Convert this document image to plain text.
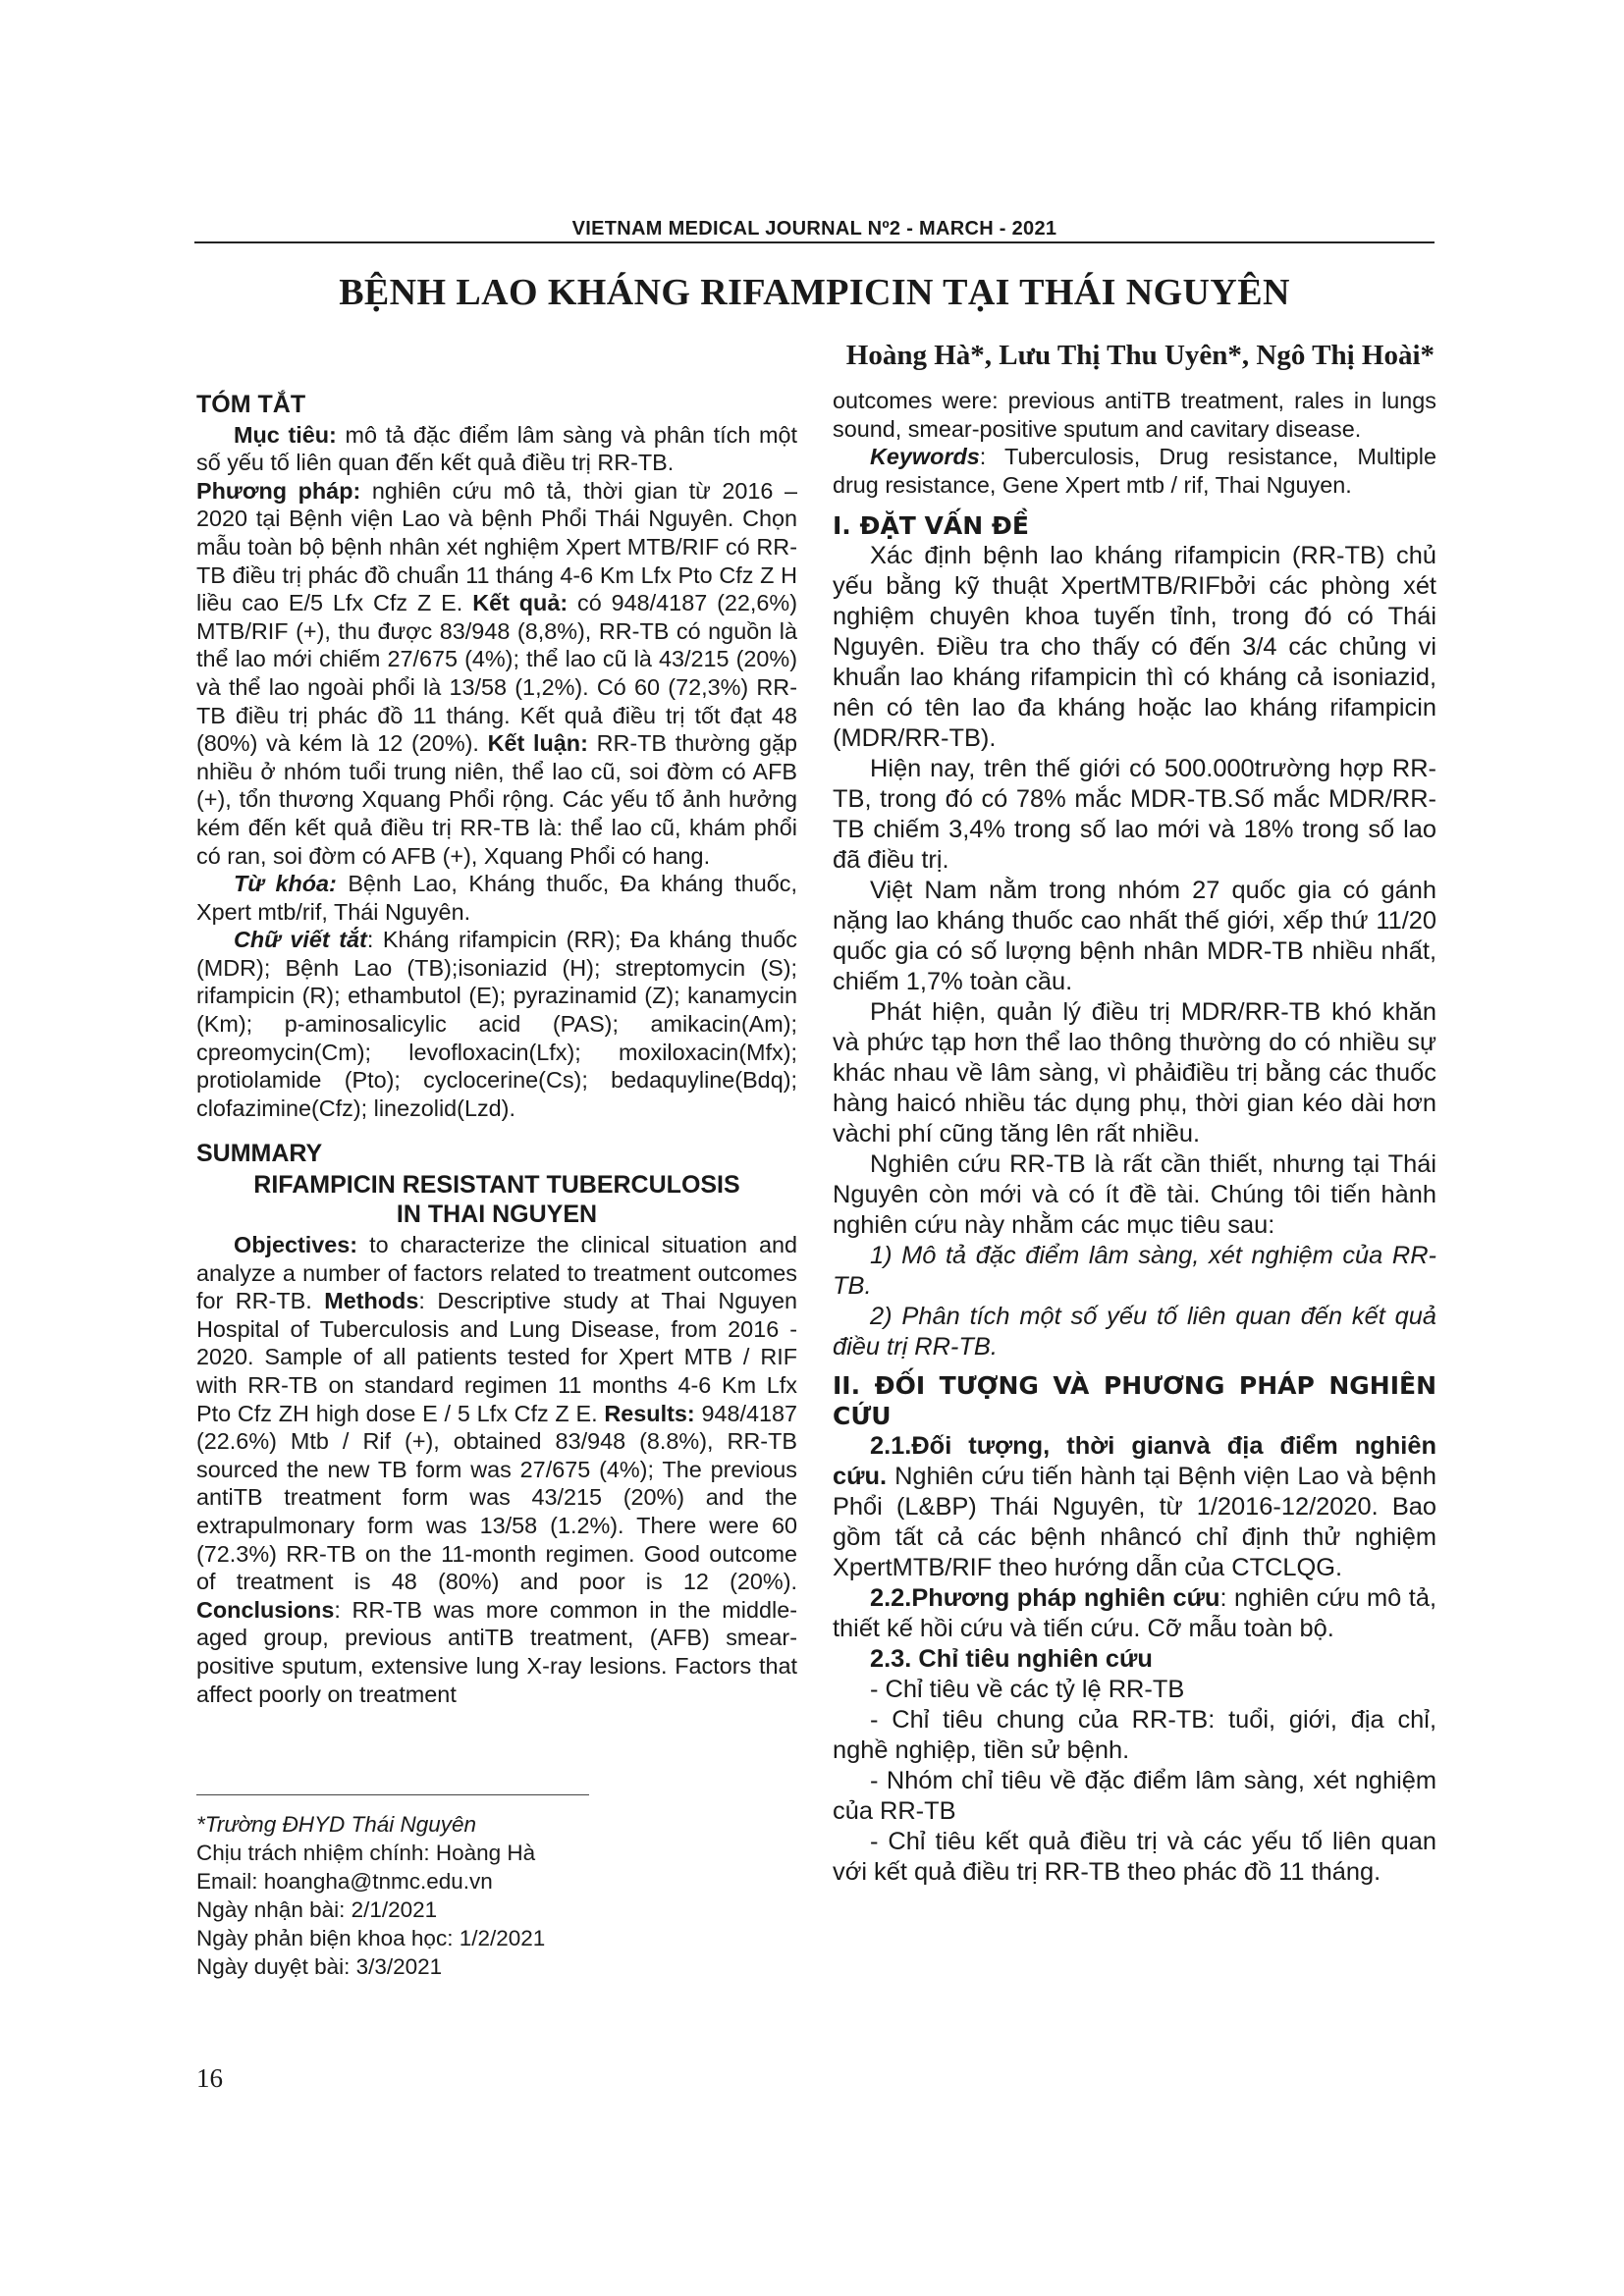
VIETNAM MEDICAL JOURNAL Nº2 - MARCH - 2021
BỆNH LAO KHÁNG RIFAMPICIN TẠI THÁI NGUYÊN
Hoàng Hà*, Lưu Thị Thu Uyên*, Ngô Thị Hoài*
TÓM TẮT

Mục tiêu: mô tả đặc điểm lâm sàng và phân tích một số yếu tố liên quan đến kết quả điều trị RR-TB.

Phương pháp: nghiên cứu mô tả, thời gian từ 2016 – 2020 tại Bệnh viện Lao và bệnh Phổi Thái Nguyên. Chọn mẫu toàn bộ bệnh nhân xét nghiệm Xpert MTB/RIF có RR-TB điều trị phác đồ chuẩn 11 tháng 4-6 Km Lfx Pto Cfz Z H liều cao E/5 Lfx Cfz Z E. Kết quả: có 948/4187 (22,6%) MTB/RIF (+), thu được 83/948 (8,8%), RR-TB có nguồn là thể lao mới chiếm 27/675 (4%); thể lao cũ là 43/215 (20%) và thể lao ngoài phổi là 13/58 (1,2%). Có 60 (72,3%) RR-TB điều trị phác đồ 11 tháng. Kết quả điều trị tốt đạt 48 (80%) và kém là 12 (20%). Kết luận: RR-TB thường gặp nhiều ở nhóm tuổi trung niên, thể lao cũ, soi đờm có AFB (+), tổn thương Xquang Phổi rộng. Các yếu tố ảnh hưởng kém đến kết quả điều trị RR-TB là: thể lao cũ, khám phổi có ran, soi đờm có AFB (+), Xquang Phổi có hang.

Từ khóa: Bệnh Lao, Kháng thuốc, Đa kháng thuốc, Xpert mtb/rif, Thái Nguyên.

Chữ viết tắt: Kháng rifampicin (RR); Đa kháng thuốc (MDR); Bệnh Lao (TB);isoniazid (H); streptomycin (S); rifampicin (R); ethambutol (E); pyrazinamid (Z); kanamycin (Km); p-aminosalicylic acid (PAS); amikacin(Am); cpreomycin(Cm); levofloxacin(Lfx); moxiloxacin(Mfx); protiolamide (Pto); cyclocerine(Cs); bedaquyline(Bdq); clofazimine(Cfz); linezolid(Lzd).

SUMMARY
RIFAMPICIN RESISTANT TUBERCULOSIS
IN THAI NGUYEN

Objectives: to characterize the clinical situation and analyze a number of factors related to treatment outcomes for RR-TB. Methods: Descriptive study at Thai Nguyen Hospital of Tuberculosis and Lung Disease, from 2016 - 2020. Sample of all patients tested for Xpert MTB / RIF with RR-TB on standard regimen 11 months 4-6 Km Lfx Pto Cfz ZH high dose E / 5 Lfx Cfz Z E. Results: 948/4187 (22.6%) Mtb / Rif (+), obtained 83/948 (8.8%), RR-TB sourced the new TB form was 27/675 (4%); The previous antiTB treatment form was 43/215 (20%) and the extrapulmonary form was 13/58 (1.2%). There were 60 (72.3%) RR-TB on the 11-month regimen. Good outcome of treatment is 48 (80%) and poor is 12 (20%). Conclusions: RR-TB was more common in the middle-aged group, previous antiTB treatment, (AFB) smear-positive sputum, extensive lung X-ray lesions. Factors that affect poorly on treatment

outcomes were: previous antiTB treatment, rales in lungs sound, smear-positive sputum and cavitary disease.

Keywords: Tuberculosis, Drug resistance, Multiple drug resistance, Gene Xpert mtb / rif, Thai Nguyen.

I. ĐẶT VẤN ĐỀ

Xác định bệnh lao kháng rifampicin (RR-TB) chủ yếu bằng kỹ thuật XpertMTB/RIFbởi các phòng xét nghiệm chuyên khoa tuyến tỉnh, trong đó có Thái Nguyên. Điều tra cho thấy có đến 3/4 các chủng vi khuẩn lao kháng rifampicin thì có kháng cả isoniazid, nên có tên lao đa kháng hoặc lao kháng rifampicin (MDR/RR-TB).

Hiện nay, trên thế giới có 500.000trường hợp RR-TB, trong đó có 78% mắc MDR-TB.Số mắc MDR/RR-TB chiếm 3,4% trong số lao mới và 18% trong số lao đã điều trị.

Việt Nam nằm trong nhóm 27 quốc gia có gánh nặng lao kháng thuốc cao nhất thế giới, xếp thứ 11/20 quốc gia có số lượng bệnh nhân MDR-TB nhiều nhất, chiếm 1,7% toàn cầu.

Phát hiện, quản lý điều trị MDR/RR-TB khó khăn và phức tạp hơn thể lao thông thường do có nhiều sự khác nhau về lâm sàng, vì phảiđiều trị bằng các thuốc hàng haicó nhiều tác dụng phụ, thời gian kéo dài hơn vàchi phí cũng tăng lên rất nhiều.

Nghiên cứu RR-TB là rất cần thiết, nhưng tại Thái Nguyên còn mới và có ít đề tài. Chúng tôi tiến hành nghiên cứu này nhằm các mục tiêu sau:

1) Mô tả đặc điểm lâm sàng, xét nghiệm của RR-TB.

2) Phân tích một số yếu tố liên quan đến kết quả điều trị RR-TB.

II. ĐỐI TƯỢNG VÀ PHƯƠNG PHÁP NGHIÊN CỨU

2.1.Đối tượng, thời gianvà địa điểm nghiên cứu. Nghiên cứu tiến hành tại Bệnh viện Lao và bệnh Phổi (L&BP) Thái Nguyên, từ 1/2016-12/2020. Bao gồm tất cả các bệnh nhâncó chỉ định thử nghiệm XpertMTB/RIF theo hướng dẫn của CTCLQG.

2.2.Phương pháp nghiên cứu: nghiên cứu mô tả, thiết kế hồi cứu và tiến cứu. Cỡ mẫu toàn bộ.

2.3. Chỉ tiêu nghiên cứu

- Chỉ tiêu về các tỷ lệ RR-TB

- Chỉ tiêu chung của RR-TB: tuổi, giới, địa chỉ, nghề nghiệp, tiền sử bệnh.

- Nhóm chỉ tiêu về đặc điểm lâm sàng, xét nghiệm của RR-TB

- Chỉ tiêu kết quả điều trị và các yếu tố liên quan với kết quả điều trị RR-TB theo phác đồ 11 tháng.

*Trường ĐHYD Thái Nguyên
Chịu trách nhiệm chính: Hoàng Hà
Email: hoangha@tnmc.edu.vn
Ngày nhận bài: 2/1/2021
Ngày phản biện khoa học: 1/2/2021
Ngày duyệt bài: 3/3/2021
16
